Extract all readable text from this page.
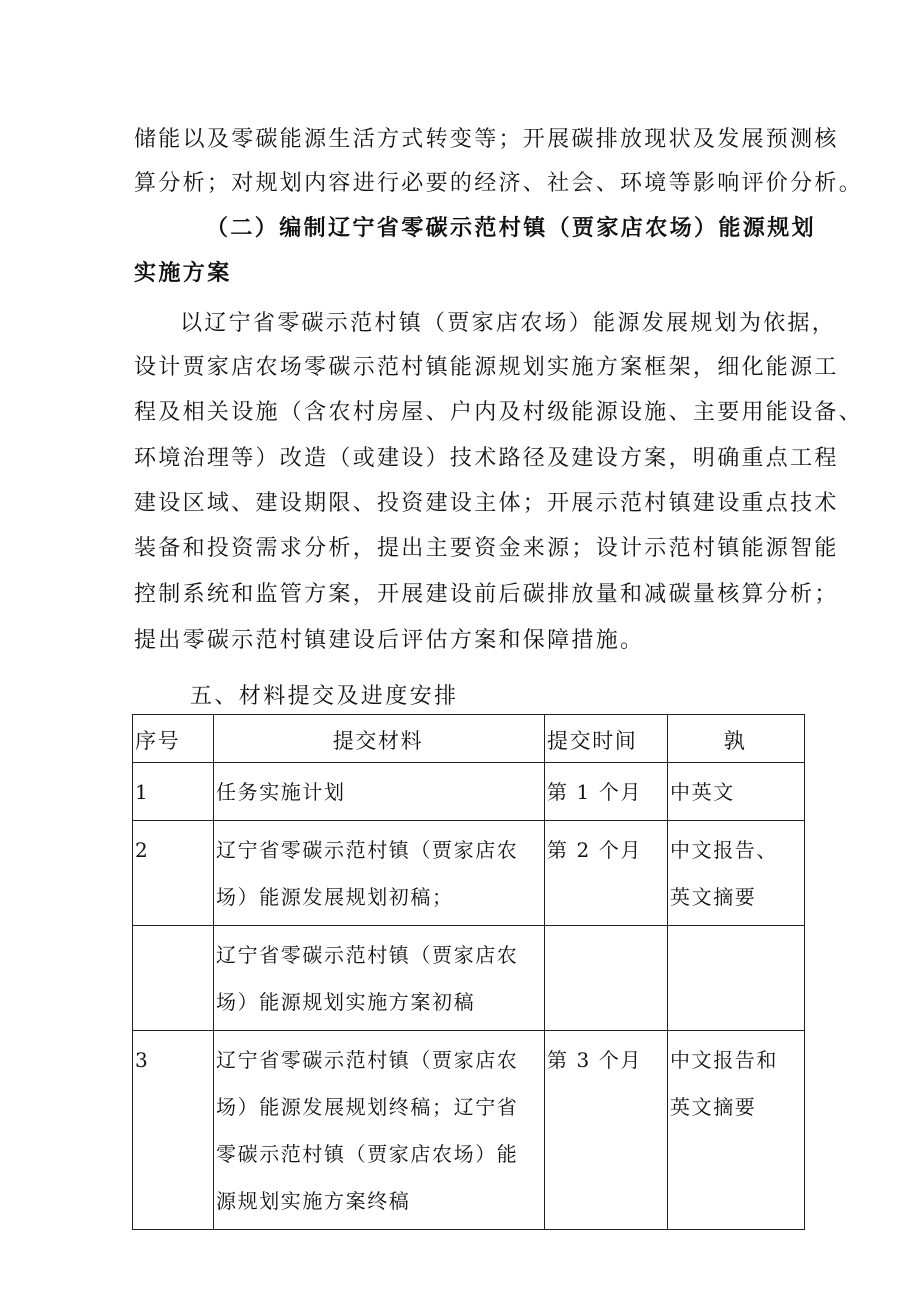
储能以及零碳能源生活方式转变等；开展碳排放现状及发展预测核
算分析；对规划内容进行必要的经济、社会、环境等影响评价分析。
（二）编制辽宁省零碳示范村镇（贾家店农场）能源规划
实施方案
以辽宁省零碳示范村镇（贾家店农场）能源发展规划为依据，
设计贾家店农场零碳示范村镇能源规划实施方案框架，细化能源工
程及相关设施（含农村房屋、户内及村级能源设施、主要用能设备、
环境治理等）改造（或建设）技术路径及建设方案，明确重点工程
建设区域、建设期限、投资建设主体；开展示范村镇建设重点技术
装备和投资需求分析，提出主要资金来源；设计示范村镇能源智能
控制系统和监管方案，开展建设前后碳排放量和减碳量核算分析；
提出零碳示范村镇建设后评估方案和保障措施。
五、材料提交及进度安排
序号	提交材料	提交时间	孰
1	任务实施计划	第 1 个月	中英文

2	辽宁省零碳示范村镇（贾家店农
场）能源发展规划初稿；	第 2 个月	中文报告、
英文摘要

	辽宁省零碳示范村镇（贾家店农
场）能源规划实施方案初稿		

3	辽宁省零碳示范村镇（贾家店农
场）能源发展规划终稿；辽宁省
零碳示范村镇（贾家店农场）能
源规划实施方案终稿	第 3 个月	中文报告和
英文摘要
